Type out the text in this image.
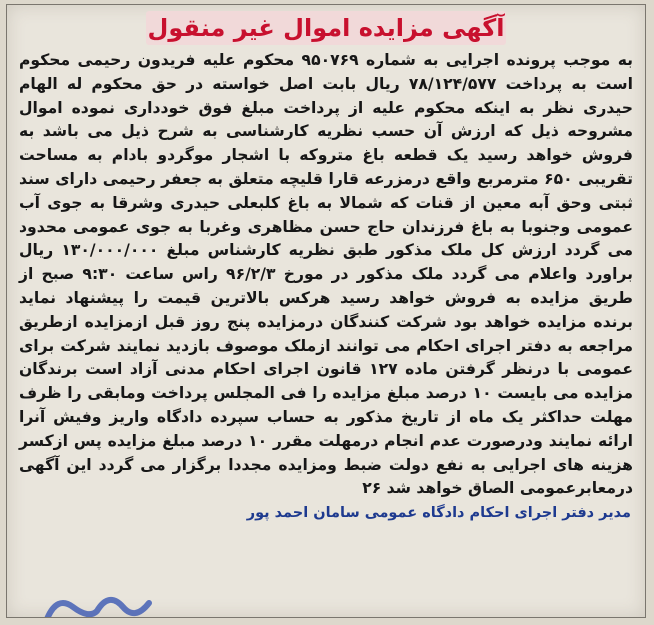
آگهی مزایده اموال غیر منقول
به موجب پرونده اجرایی به شماره ۹۵۰۷۶۹ محکوم علیه فریدون رحیمی محکوم است به پرداخت ۷۸/۱۲۴/۵۷۷ ریال بابت اصل خواسته در حق محکوم له الهام حیدری نظر به اینکه محکوم علیه از پرداخت مبلغ فوق خودداری نموده اموال مشروحه ذیل که ارزش آن حسب نظریه کارشناسی به شرح ذیل می باشد به فروش خواهد رسید یک قطعه باغ متروکه با اشجار موگردو بادام به مساحت تقریبی ۶۵۰ مترمربع واقع درمزرعه قارا قلیچه متعلق به جعفر رحیمی دارای سند ثبتی وحق آبه معین از قنات که شمالا به باغ کلبعلی حیدری وشرقا به جوی آب عمومی وجنوبا به باغ فرزندان حاج حسن مظاهری وغربا به جوی عمومی محدود می گردد ارزش کل ملک مذکور طبق نظریه کارشناس مبلغ ۱۳۰/۰۰۰/۰۰۰ ریال براورد واعلام می گردد ملک مذکور در مورخ ۹۶/۲/۳ راس ساعت ۹:۳۰ صبح از طریق مزایده به فروش خواهد رسید هرکس بالاترین قیمت را پیشنهاد نماید برنده مزایده خواهد بود شرکت کنندگان درمزایده پنج روز قبل ازمزایده ازطریق مراجعه به دفتر اجرای احکام می توانند ازملک موصوف بازدید نمایند شرکت برای عمومی با درنظر گرفتن ماده ۱۲۷ قانون اجرای احکام مدنی آزاد است برندگان مزایده می بایست ۱۰ درصد مبلغ مزایده را فی المجلس پرداخت ومابقی را ظرف مهلت حداکثر یک ماه از تاریخ مذکور به حساب سپرده دادگاه واریز وفیش آنرا ارائه نمایند ودرصورت عدم انجام درمهلت مقرر ۱۰ درصد مبلغ مزایده پس ازکسر هزینه های اجرایی به نفع دولت ضبط ومزایده مجددا برگزار می گردد این آگهی درمعابرعمومی الصاق خواهد شد ۲۶
مدیر دفتر اجرای احکام دادگاه عمومی سامان احمد پور
